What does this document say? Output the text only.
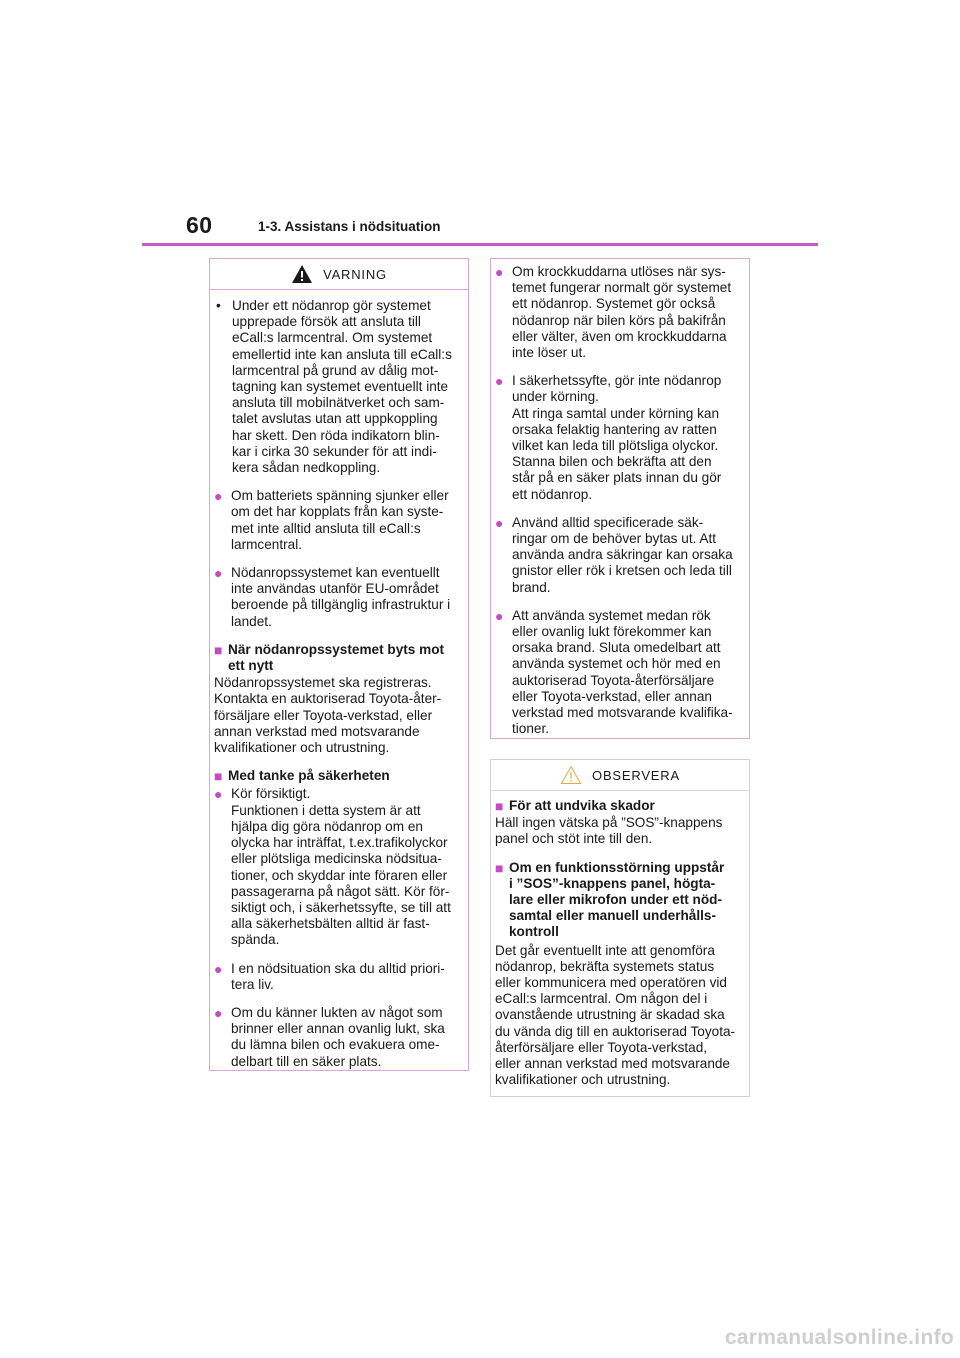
60	1-3. Assistans i nödsituation
VARNING
• Under ett nödanrop gör systemet
upprepade försök att ansluta till
eCall:s larmcentral. Om systemet
emellertid inte kan ansluta till eCall:s
larmcentral på grund av dålig mot-
tagning kan systemet eventuellt inte
ansluta till mobilnätverket och sam-
talet avslutas utan att uppkoppling
har skett. Den röda indikatorn blin-
kar i cirka 30 sekunder för att indi-
kera sådan nedkoppling.
● Om batteriets spänning sjunker eller
om det har kopplats från kan syste-
met inte alltid ansluta till eCall:s
larmcentral.
● Nödanropssystemet kan eventuellt
inte användas utanför EU-området
beroende på tillgänglig infrastruktur i
landet.
■ När nödanropssystemet byts mot
ett nytt
Nödanropssystemet ska registreras.
Kontakta en auktoriserad Toyota-åter-
försäljare eller Toyota-verkstad, eller
annan verkstad med motsvarande
kvalifikationer och utrustning.
■ Med tanke på säkerheten
● Kör försiktigt.
Funktionen i detta system är att
hjälpa dig göra nödanrop om en
olycka har inträffat, t.ex.trafikolyckor
eller plötsliga medicinska nödsitua-
tioner, och skyddar inte föraren eller
passagerarna på något sätt. Kör för-
siktigt och, i säkerhetssyfte, se till att
alla säkerhetsbälten alltid är fast-
spända.
● I en nödsituation ska du alltid priori-
tera liv.
● Om du känner lukten av något som
brinner eller annan ovanlig lukt, ska
du lämna bilen och evakuera ome-
delbart till en säker plats.
● Om krockkuddarna utlöses när sys-
temet fungerar normalt gör systemet
ett nödanrop. Systemet gör också
nödanrop när bilen körs på bakifrån
eller välter, även om krockkuddarna
inte löser ut.
● I säkerhetssyfte, gör inte nödanrop
under körning.
Att ringa samtal under körning kan
orsaka felaktig hantering av ratten
vilket kan leda till plötsliga olyckor.
Stanna bilen och bekräfta att den
står på en säker plats innan du gör
ett nödanrop.
● Använd alltid specificerade säk-
ringar om de behöver bytas ut. Att
använda andra säkringar kan orsaka
gnistor eller rök i kretsen och leda till
brand.
● Att använda systemet medan rök
eller ovanlig lukt förekommer kan
orsaka brand. Sluta omedelbart att
använda systemet och hör med en
auktoriserad Toyota-återförsäljare
eller Toyota-verkstad, eller annan
verkstad med motsvarande kvalifika-
tioner.
OBSERVERA
■ För att undvika skador
Häll ingen vätska på ”SOS”-knappens
panel och stöt inte till den.
■ Om en funktionsstörning uppstår
i ”SOS”-knappens panel, högta-
lare eller mikrofon under ett nöd-
samtal eller manuell underhålls-
kontroll
Det går eventuellt inte att genomföra
nödanrop, bekräfta systemets status
eller kommunicera med operatören vid
eCall:s larmcentral. Om någon del i
ovanstående utrustning är skadad ska
du vända dig till en auktoriserad Toyota-
återförsäljare eller Toyota-verkstad,
eller annan verkstad med motsvarande
kvalifikationer och utrustning.
carmanualsonline.info
